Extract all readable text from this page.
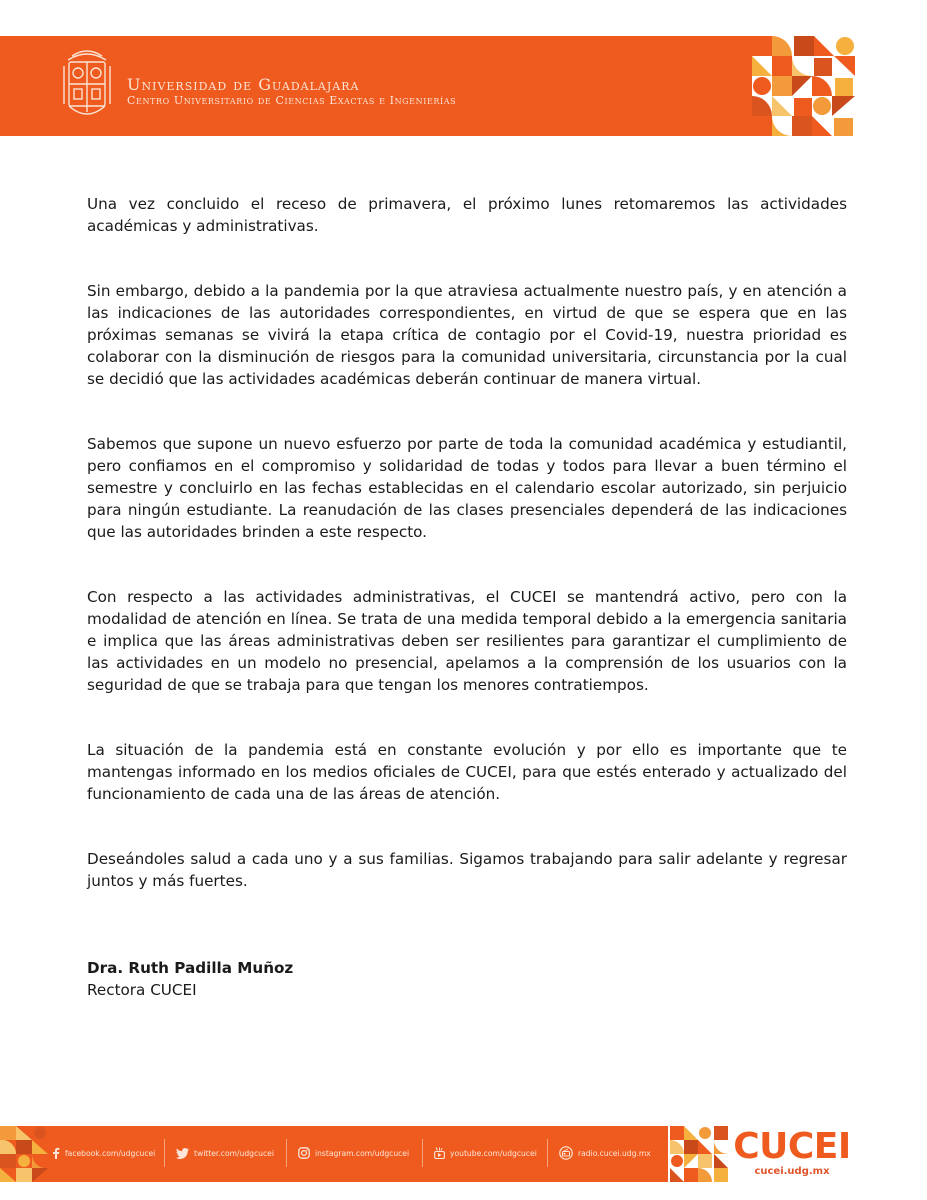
Universidad de Guadalajara
Centro Universitario de Ciencias Exactas e Ingenierías

Una vez concluido el receso de primavera, el próximo lunes retomaremos las actividades académicas y administrativas.

Sin embargo, debido a la pandemia por la que atraviesa actualmente nuestro país, y en atención a las indicaciones de las autoridades correspondientes, en virtud de que se espera que en las próximas semanas se vivirá la etapa crítica de contagio por el Covid-19, nuestra prioridad es colaborar con la disminución de riesgos para la comunidad universitaria, circunstancia por la cual se decidió que las actividades académicas deberán continuar de manera virtual.

Sabemos que supone un nuevo esfuerzo por parte de toda la comunidad académica y estudiantil, pero confiamos en el compromiso y solidaridad de todas y todos para llevar a buen término el semestre y concluirlo en las fechas establecidas en el calendario escolar autorizado, sin perjuicio para ningún estudiante. La reanudación de las clases presenciales dependerá de las indicaciones que las autoridades brinden a este respecto.

Con respecto a las actividades administrativas, el CUCEI se mantendrá activo, pero con la modalidad de atención en línea. Se trata de una medida temporal debido a la emergencia sanitaria e implica que las áreas administrativas deben ser resilientes para garantizar el cumplimiento de las actividades en un modelo no presencial, apelamos a la comprensión de los usuarios con la seguridad de que se trabaja para que tengan los menores contratiempos.

La situación de la pandemia está en constante evolución y por ello es importante que te mantengas informado en los medios oficiales de CUCEI, para que estés enterado y actualizado del funcionamiento de cada una de las áreas de atención.

Deseándoles salud a cada uno y a sus familias. Sigamos trabajando para salir adelante y regresar juntos y más fuertes.

Dra. Ruth Padilla Muñoz
Rectora CUCEI
facebook.com/udgcucei	twitter.com/udgcucei	instagram.com/udgcucei	youtube.com/udgcucei	radio.cucei.udg.mx CUCEI
cucei.udg.mx
